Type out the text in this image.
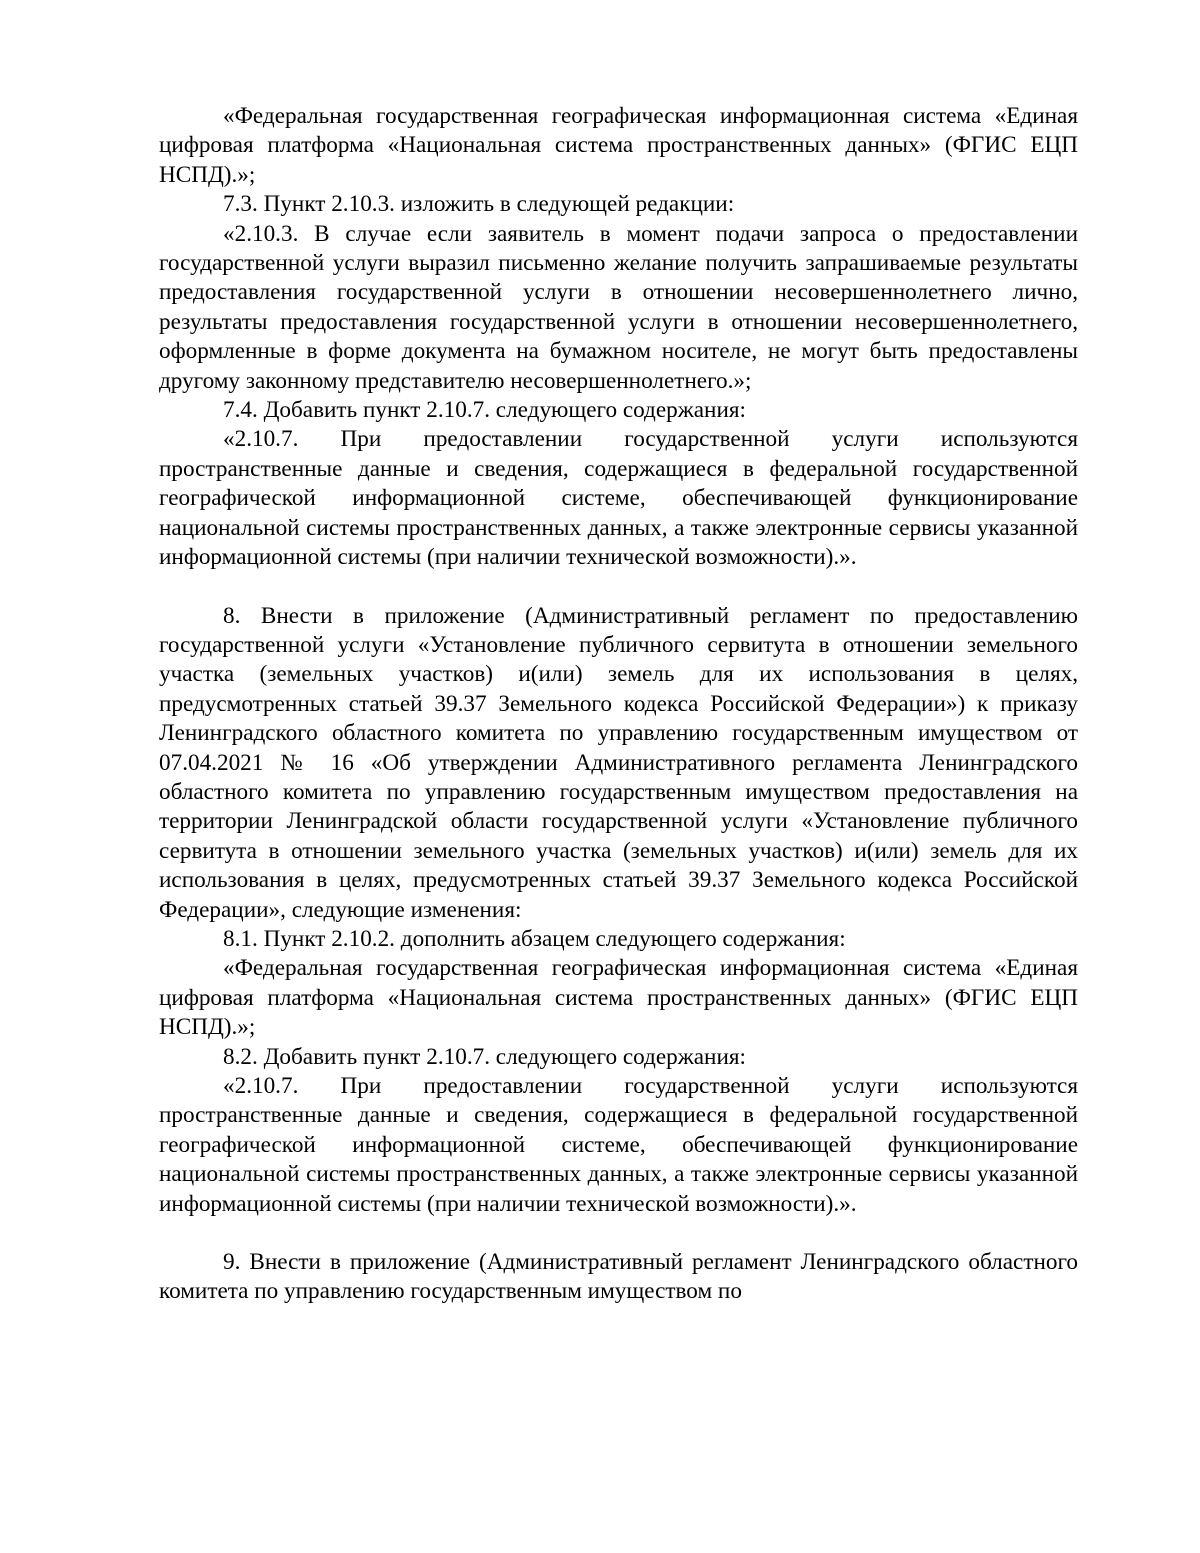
«Федеральная государственная географическая информационная система «Единая цифровая платформа «Национальная система пространственных данных» (ФГИС ЕЦП НСПД).»;

7.3. Пункт 2.10.3. изложить в следующей редакции:

«2.10.3. В случае если заявитель в момент подачи запроса о предоставлении государственной услуги выразил письменно желание получить запрашиваемые результаты предоставления государственной услуги в отношении несовершеннолетнего лично, результаты предоставления государственной услуги в отношении несовершеннолетнего, оформленные в форме документа на бумажном носителе, не могут быть предоставлены другому законному представителю несовершеннолетнего.»;

7.4. Добавить пункт 2.10.7. следующего содержания:

«2.10.7. При предоставлении государственной услуги используются пространственные данные и сведения, содержащиеся в федеральной государственной географической информационной системе, обеспечивающей функционирование национальной системы пространственных данных, а также электронные сервисы указанной информационной системы (при наличии технической возможности).».

8. Внести в приложение (Административный регламент по предоставлению государственной услуги «Установление публичного сервитута в отношении земельного участка (земельных участков) и(или) земель для их использования в целях, предусмотренных статьей 39.37 Земельного кодекса Российской Федерации») к приказу Ленинградского областного комитета по управлению государственным имуществом от 07.04.2021 № 16 «Об утверждении Административного регламента Ленинградского областного комитета по управлению государственным имуществом предоставления на территории Ленинградской области государственной услуги «Установление публичного сервитута в отношении земельного участка (земельных участков) и(или) земель для их использования в целях, предусмотренных статьей 39.37 Земельного кодекса Российской Федерации», следующие изменения:

8.1. Пункт 2.10.2. дополнить абзацем следующего содержания:

«Федеральная государственная географическая информационная система «Единая цифровая платформа «Национальная система пространственных данных» (ФГИС ЕЦП НСПД).»;

8.2. Добавить пункт 2.10.7. следующего содержания:

«2.10.7. При предоставлении государственной услуги используются пространственные данные и сведения, содержащиеся в федеральной государственной географической информационной системе, обеспечивающей функционирование национальной системы пространственных данных, а также электронные сервисы указанной информационной системы (при наличии технической возможности).».

9. Внести в приложение (Административный регламент Ленинградского областного комитета по управлению государственным имуществом по
